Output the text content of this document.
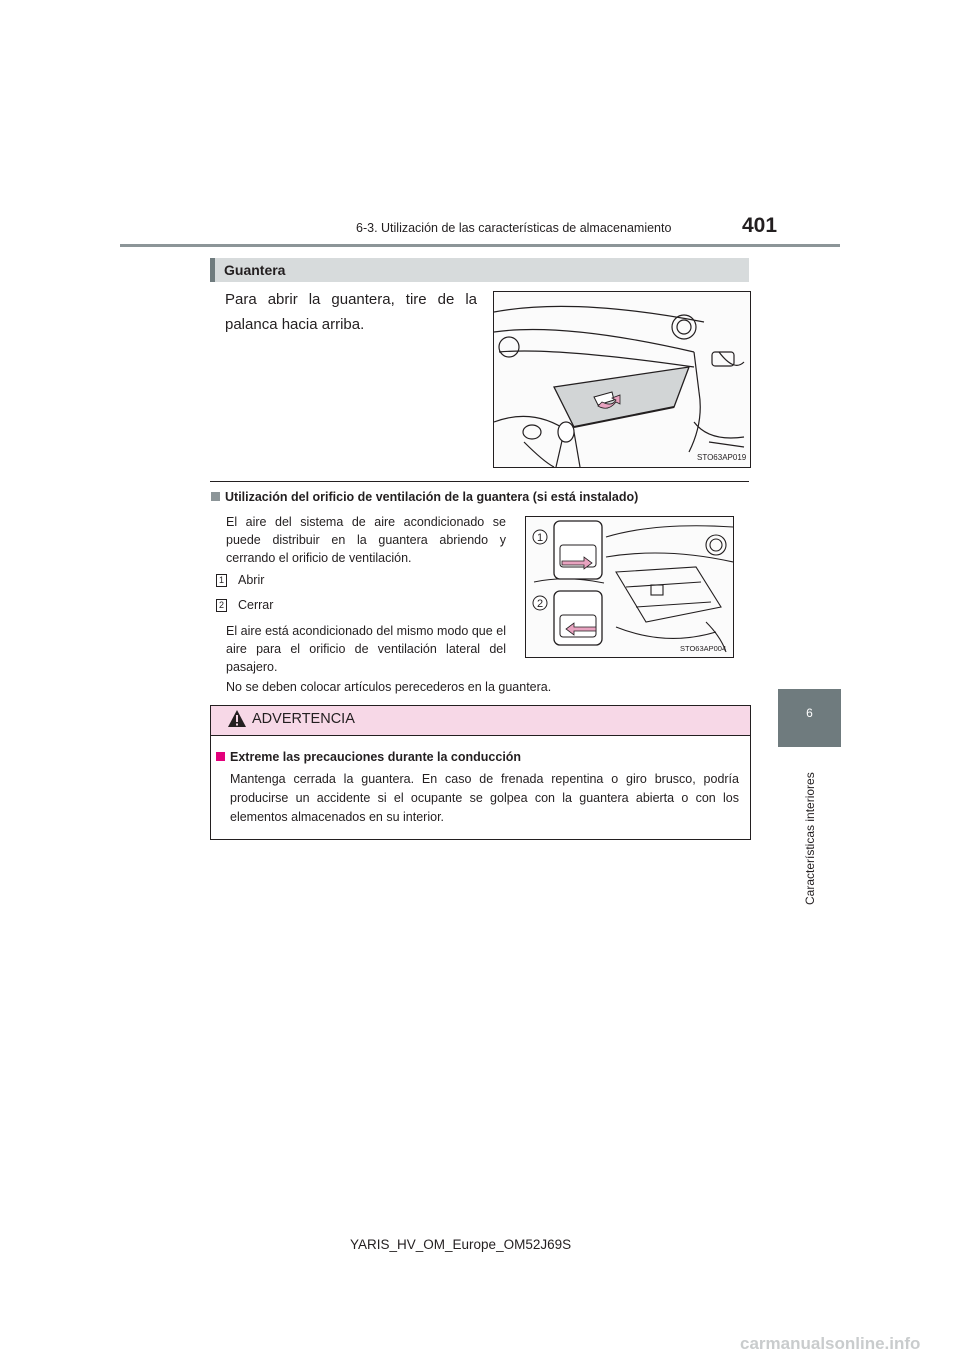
6-3. Utilización de las características de almacenamiento	401
6
Características interiores
Guantera
Para abrir la guantera, tire de la palanca hacia arriba.
STO63AP019
Utilización del orificio de ventilación de la guantera (si está instalado)
El aire del sistema de aire acondicionado se puede distribuir en la guantera abriendo y cerrando el orificio de ventilación.
1 Abrir
2 Cerrar
El aire está acondicionado del mismo modo que el aire para el orificio de ventilación lateral del pasajero.
No se deben colocar artículos perecederos en la guantera.
1
2
STO63AP004
ADVERTENCIA
Extreme las precauciones durante la conducción
Mantenga cerrada la guantera. En caso de frenada repentina o giro brusco, podría producirse un accidente si el ocupante se golpea con la guantera abierta o con los elementos almacenados en su interior.
YARIS_HV_OM_Europe_OM52J69S
carmanualsonline.info
